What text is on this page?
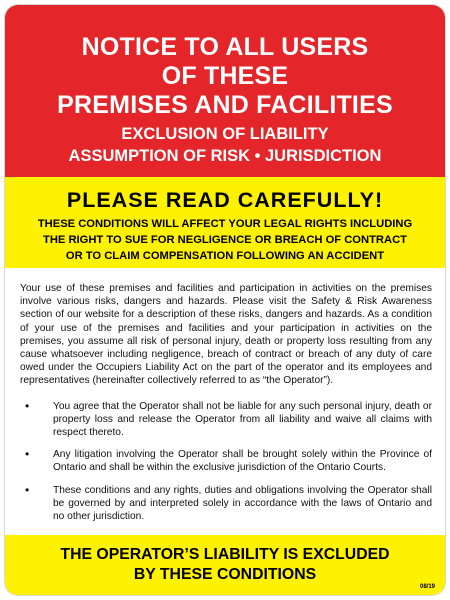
NOTICE TO ALL USERS
OF THESE
PREMISES AND FACILITIES
EXCLUSION OF LIABILITY
ASSUMPTION OF RISK • JURISDICTION
PLEASE READ CAREFULLY!
THESE CONDITIONS WILL AFFECT YOUR LEGAL RIGHTS INCLUDING
THE RIGHT TO SUE FOR NEGLIGENCE OR BREACH OF CONTRACT
OR TO CLAIM COMPENSATION FOLLOWING AN ACCIDENT

Your use of these premises and facilities and participation in activities on the premises involve various risks, dangers and hazards. Please visit the Safety & Risk Awareness section of our website for a description of these risks, dangers and hazards. As a condition of your use of the premises and facilities and your participation in activities on the premises, you assume all risk of personal injury, death or property loss resulting from any cause whatsoever including negligence, breach of contract or breach of any duty of care owed under the Occupiers Liability Act on the part of the operator and its employees and representatives (hereinafter collectively referred to as “the Operator”).

• You agree that the Operator shall not be liable for any such personal injury, death or property loss and release the Operator from all liability and waive all claims with respect thereto.
• Any litigation involving the Operator shall be brought solely within the Province of Ontario and shall be within the exclusive jurisdiction of the Ontario Courts.
• These conditions and any rights, duties and obligations involving the Operator shall be governed by and interpreted solely in accordance with the laws of Ontario and no other jurisdiction.
THE OPERATOR’S LIABILITY IS EXCLUDED
BY THESE CONDITIONS
08/19
